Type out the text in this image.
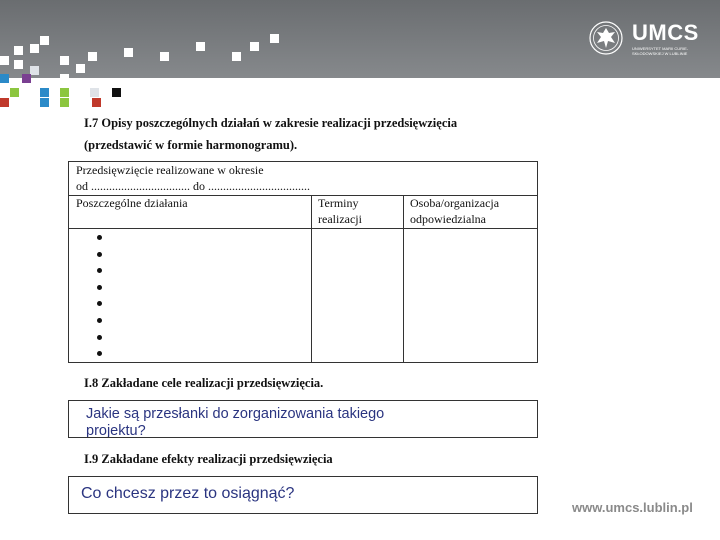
UMCS
UNIWERSYTET MARII CURIE-SKŁODOWSKIEJ W LUBLINIE
I.7 Opisy poszczególnych działań w zakresie realizacji przedsięwzięcia
(przedstawić w formie harmonogramu).
Przedsięwzięcie realizowane w okresie
od ................................. do ..................................
Poszczególne działania	Terminy
realizacji
Osoba/organizacja
odpowiedzialna
I.8 Zakładane cele realizacji przedsięwzięcia.
Jakie są przesłanki do zorganizowania takiego
projektu?
I.9 Zakładane efekty realizacji przedsięwzięcia
Co chcesz przez to osiągnąć?
www.umcs.lublin.pl
